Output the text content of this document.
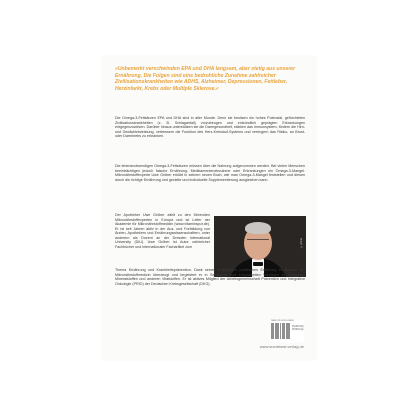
»Unbemerkt verschwinden EPA und DHA langsam, aber stetig aus unserer Ernährung. Die Folgen sind eine bedrohliche Zunahme zahlreicher Zivilisationskrankheiten wie ADHS, Alzheimer, Depressionen, Fettleber, Herzinfarkt, Krebs oder Multiple Sklerose.«

Die Omega-3-Fettsäuren EPA und DHA sind in aller Munde. Denn sie besitzen ein hohes Potenzial, gefürchteten Zivilisationskrankheiten (z. B. Schlaganfall) vorzubeugen und entzündlich geprägten Erkrankungen entgegenzuwirken. Darüber hinaus unterstützen sie die Darmgesundheit, stärken das Immunsystem, fördern die Hirn- und Gedächtnisleistung, verbessern die Funktion des Herz-Kreislauf-Systems und verringern das Risiko, an Brust- oder Darmkrebs zu erkranken.

Die lebensnotwendigen Omega-3-Fettsäuren müssen über die Nahrung aufgenommen werden. Bei vielen Menschen beeinträchtigen jedoch falsche Ernährung, Medikamenteneinnahme oder Erkrankungen ein Omega-3-Mangel. Mikronährstoffexperte Uwe Gröber erklärt in seinem neuen Buch, wie man Omega-3-Mangel feststellen und diesen durch die richtige Ernährung und gezielte und individuelle Supplementierung ausgleichen kann.

Der Apotheker Uwe Gröber zählt zu den führenden Mikronährstoffexperten in Europa und ist Leiter der Akademie für Mikronährstoffmedizin (www.vitaminspur.de). Er ist seit Jahren aktiv in der Aus- und Fortbildung von Ärzten, Apothekern und Ernährungswissenschaftern, unter anderem als Dozent an der Dresden International University (DIU). Uwe Gröber ist Autor zahlreicher Fachbücher und internationaler Fachartikel zum	© privat

Thema Ernährung und Krankheitsprävention. Dank seiner langjährigen praktischen Erfahrung im Bereich der Mikronährstoffmedizin überzeugt und begeistert er in Seminaren und europaweiten Vorträgen zu Vitaminen, Mineralstoffen und anderen Vitalstoffen. Er ist aktives Mitglied der Arbeitsgemeinschaft Prävention und Integrative Onkologie (PRIO) der Deutschen Krebsgesellschaft (DKG).

ISBN 978-3-8312-0988-1
15,00 € (D)
15,50 € (A)

www.suedwest-verlag.de
